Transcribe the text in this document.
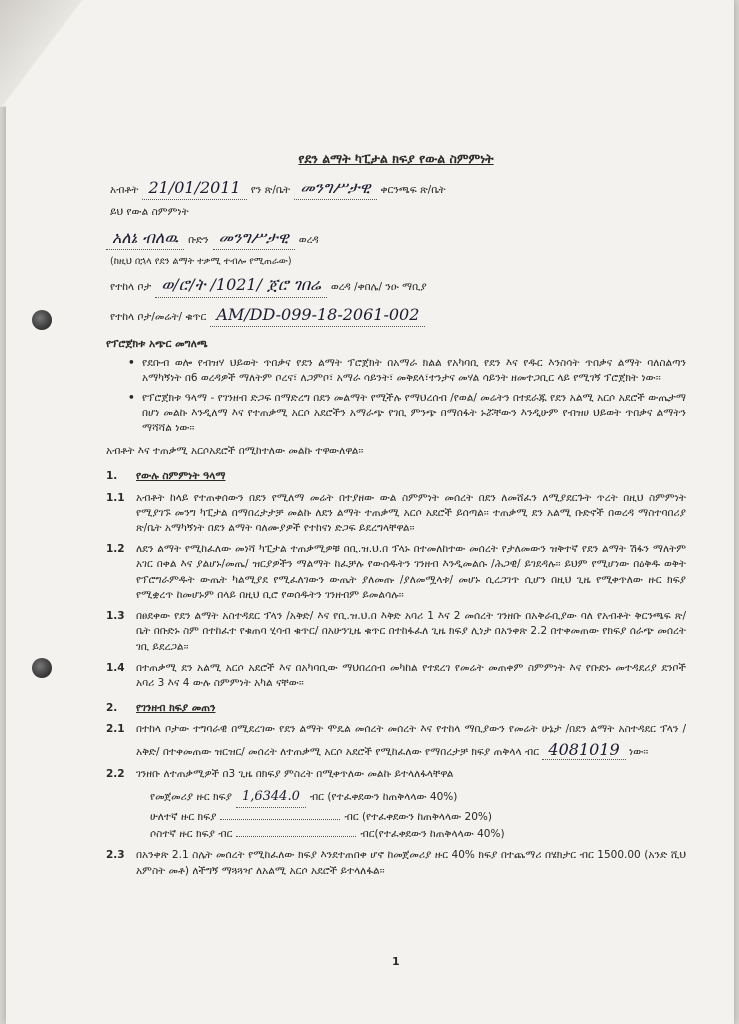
የደን ልማት ካፒታል ክፍያ የውል ስምምነት
አብቶት 21/01/2011 የን ጽ/ቤት መንግሥታዊ ቀርንጫፍ ጽ/ቤት
ይህ የውል ስምምነት
አለኔ ብለዉ ቡድን መንግሥታዊ ወረዳ
(ከዚህ በኋላ የደን ልማት ተቃሚ ተብሎ የሚጠራው)
የተከላ ቦታ ወ/ሮ/ት /1021/ ጀሮ ገበሬ ወረዳ /ቀበሌ/ ንዑ ማቢያ
የተከላ ቦታ/መሬት/ ቁጥር AM/DD-099-18-2061-002
የፕሮጀክቱ አጭር መግለጫ
• የደቡብ ወሎ የብዝሃ ህይወት ጥበቃና የደን ልማት ፕሮጀክት በአማራ ክልል የአካባቢ የደን እና የዱር እንስሳት ጥበቃና ልማት ባለስልጣን አማካኝነት በ6 ወረዳዎች ማለትም ቦረና፣ ለጋምቦ፣ አማራ ሳይንት፣ መቅደላ፣ተንታና መሃል ሳይንት ዘመተጋቢር ላይ የሚገኝ ፕሮጀክት ነው፡፡
• የፕሮጀክቱ ዓላማ - የገንዘብ ድጋፍ በማድረግ በደን መልማት የሚችሉ የማህረሰብ /የወል/ መሬትን በተደራጁ የደን አልሚ አርሶ አደሮች ውጤታማ በሆነ መልኩ እንዲለማ እና የተጠቃሚ አርሶ አደሮችን አማራጭ የገቢ ምንጭ በማሰፋት ኑሯቸውን እንዲሁም የብዝሀ ህይወት ጥበቃና ልማትን ማሻሻል ነው፡፡
አብቶት እና ተጠቃሚ አርሶአደሮች በሚከተለው መልኩ ተዋውለዋል፡፡
1.	የውሉ ስምምነት ዓላማ
1.1	አብቶት ከላይ የተጠቀሰውን በደን የሚለማ መሬት በተያዘው ውል ስምምነት መሰረት በደን ለመሸፈን ለሚያደርጉት ጥረት በዚህ ስምምነት የሚያገኙ መንግ ካፒታል በማበረታታቻ መልኩ ለደን ልማት ተጠቃሚ አርሶ አደሮች ይሰጣል፡፡ ተጠቃሚ ደን አልሚ ቡድኖች በወረዳ ማስተባበሪያ ጽ/ቤት አማካኝነት በደን ልማት ባለሙያዎች የተከናነ ድጋፍ ይደረግላቸዋል፡፡
1.2	ለደን ልማት የሚከፈለው መነሻ ካፒታል ተጠቃሚዎቹ በቢ.ዝ.ህ.በ ፕላኑ በተመለከተው መሰረት የታለመውን ዝቅተኛ የደን ልማት ሽፋን ማለትም አገር በቀል እና ያልሆኑ/መጤ/ ዝርያዎችን ማልማት ከፈቻሉ የውሰዱትን ገንዘብ እንዲመልሱ /ሕጋዊ/ ይገደዳሉ፡፡ ይህም የሚሆነው በዕቅዱ ወቅት የፕሮግራምዱት ውጤት ካልሚያደ የሚፈለገውን ውጤት ያለመጡ /ያለመሟላቱ/ መሆኑ ሲረጋገጥ ሲሆን በዚህ ጊዜ የሚቀጥለው ዙር ክፍያ የሚቋረጥ ከመሆኑም በላይ በዚህ ቢሮ የወሰዱትን ገንዘብም ይመልሳሉ፡፡
1.3	በፀደቀው የደን ልማት አስተዳደር ፕላን /አቅድ/ እና የቢ.ዝ.ህ.በ እቅድ አባሪ 1 እና 2 መሰረት ገንዘቡ በአቅራቢያው ባለ የአብቶት ቅርንጫፍ ጽ/ቤት በቡድኑ ስም በተከፈተ የቁጠባ ሂሳብ ቁጥር/ በአሁንጊዜ ቁጥር በተከፋፈለ ጊዜ ክፍያ ሊነታ በአንቀጽ 2.2 በተቀመጠው የክፍያ ሰራጭ መሰረት ገቢ ይደረጋል፡፡
1.4	በተጠቃሚ ደን አልሚ አርሶ አደሮች እና በአካባቢው ማህበረሰብ መካከል የተደረገ የመሬት መጠቀም ስምምነት እና የቡድኑ መተዳደሪያ ደንቦች አባሪ 3 እና 4 ውሉ ስምምነት አካል ናቸው፡፡
2.	የገንዘብ ክፍያ መጠን
2.1	በተከላ ቦታው ተግባራዊ በሚደረገው የደን ልማት ሞዴል መሰረት መሰረት እና የተከላ ማቢያውን የመሬት ሁኔታ /በደን ልማት አስተዳደር ፕላን /አቅድ/ በተቀመጠው ዝርዝር/ መሰረት ለተጠቃሚ አርሶ አደሮች የሚከፈለው የማበረታቻ ክፍያ ጠቅላላ ብር 4081019 ነው፡፡
2.2	ገንዘቡ ለተጠቃሚዎች በ3 ጊዜ በክፍያ ምስረት በሚቀጥለው መልኩ ይተላለፋላቸዋል
የመጀመሪያ ዙር ክፍያ 1,6344.0 ብር (የተፈቀደውን ከጠቅላላው 40%)
ሁለተኛ ዙር ክፍያ	ብር (የተፈቀደውን ከጠቅላላው 20%)
ሶስተኛ ዙር ክፍያ ብር	ብር(የተፈቀደውን ከጠቅላላው 40%)
2.3	በአንቀጽ 2.1 ስሌት መሰረት የሚከፈለው ክፍያ እንደተጠበቀ ሆኖ ከመጀመሪያ ዙር 40% ክፍያ በተጨማሪ በሄክታር ብር 1500.00 (አንድ ሺህ አምስት መቶ) ለችግኝ ማጓጓዣ ለአልሚ አርሶ አደሮች ይተላለፋል፡፡
1
